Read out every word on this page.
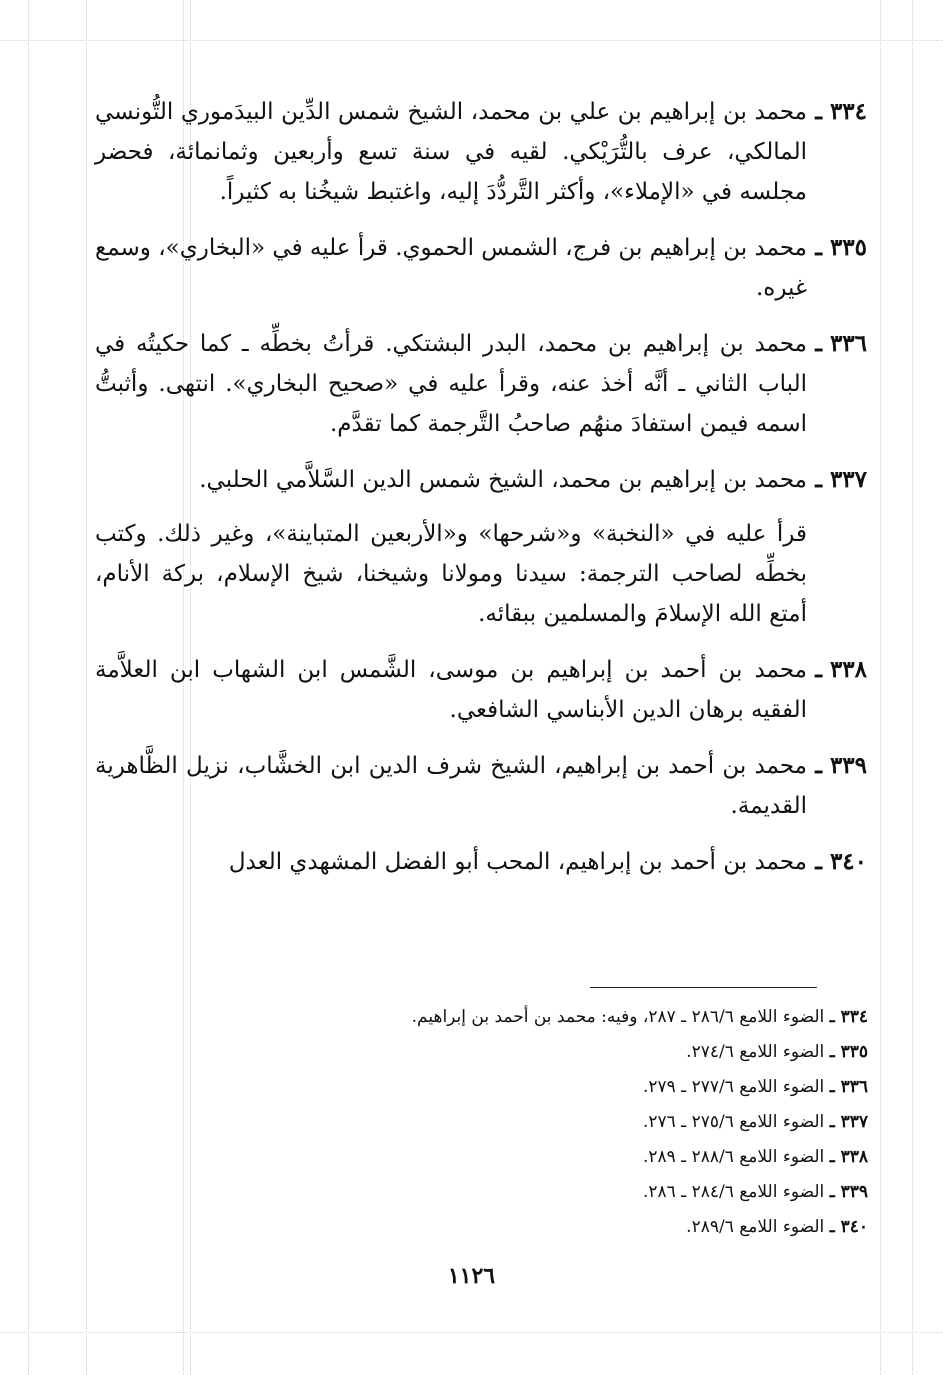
٣٣٤ ـ

محمد بن إبراهيم بن علي بن محمد، الشيخ شمس الدِّين البيدَموري التُّونسي المالكي، عرف بالتُّرَيْكي. لقيه في سنة تسع وأربعين وثمانمائة، فحضر مجلسه في «الإملاء»، وأكثر التَّردُّدَ إليه، واغتبط شيخُنا به كثيراً.

٣٣٥ ـ

محمد بن إبراهيم بن فرج، الشمس الحموي. قرأ عليه في «البخاري»، وسمع غيره.

٣٣٦ ـ

محمد بن إبراهيم بن محمد، البدر البشتكي. قرأتُ بخطِّه ـ كما حكيتُه في الباب الثاني ـ أنَّه أخذ عنه، وقرأ عليه في «صحيح البخاري». انتهى. وأثبتُّ اسمه فيمن استفادَ منهُم صاحبُ التَّرجمة كما تقدَّم.

٣٣٧ ـ

محمد بن إبراهيم بن محمد، الشيخ شمس الدين السَّلاَّمي الحلبي.

قرأ عليه في «النخبة» و«شرحها» و«الأربعين المتباينة»، وغير ذلك. وكتب بخطِّه لصاحب الترجمة: سيدنا ومولانا وشيخنا، شيخ الإسلام، بركة الأنام، أمتع الله الإسلامَ والمسلمين ببقائه.

٣٣٨ ـ

محمد بن أحمد بن إبراهيم بن موسى، الشَّمس ابن الشهاب ابن العلاَّمة الفقيه برهان الدين الأبناسي الشافعي.

٣٣٩ ـ

محمد بن أحمد بن إبراهيم، الشيخ شرف الدين ابن الخشَّاب، نزيل الظَّاهرية القديمة.

٣٤٠ ـ

محمد بن أحمد بن إبراهيم، المحب أبو الفضل المشهدي العدل

٣٣٤ ـ الضوء اللامع ٢٨٦/٦ ـ ٢٨٧، وفيه: محمد بن أحمد بن إبراهيم.
٣٣٥ ـ الضوء اللامع ٢٧٤/٦.
٣٣٦ ـ الضوء اللامع ٢٧٧/٦ ـ ٢٧٩.
٣٣٧ ـ الضوء اللامع ٢٧٥/٦ ـ ٢٧٦.
٣٣٨ ـ الضوء اللامع ٢٨٨/٦ ـ ٢٨٩.
٣٣٩ ـ الضوء اللامع ٢٨٤/٦ ـ ٢٨٦.
٣٤٠ ـ الضوء اللامع ٢٨٩/٦.
١١٢٦
